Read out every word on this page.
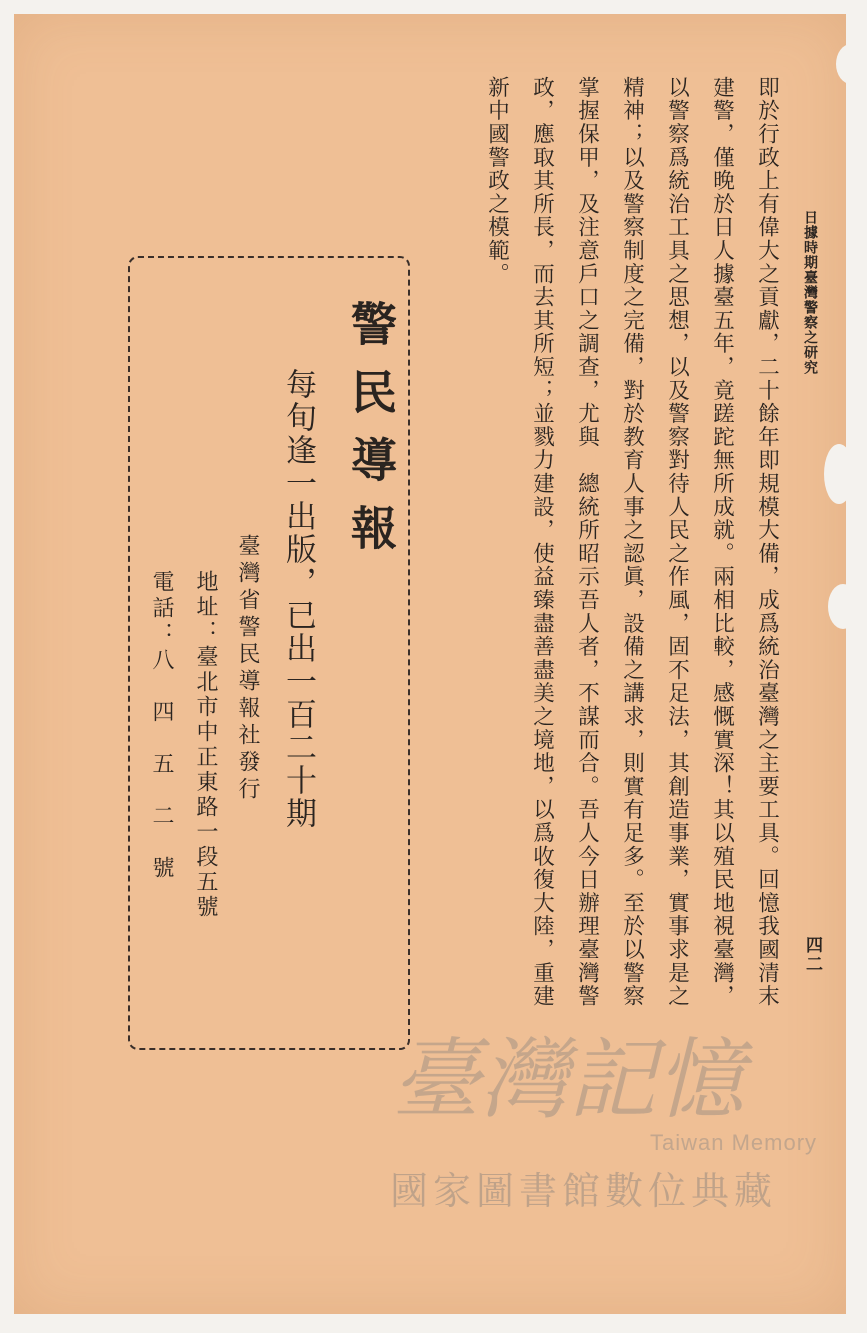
日據時期臺灣警察之研究
四二
即於行政上有偉大之貢獻，二十餘年即規模大備，成爲統治臺灣之主要工具。回憶我國清末
建警，僅晚於日人據臺五年，竟蹉跎無所成就。兩相比較，感慨實深！其以殖民地視臺灣，
以警察爲統治工具之思想，以及警察對待人民之作風，固不足法，其創造事業，實事求是之
精神；以及警察制度之完備，對於教育人事之認眞，設備之講求，則實有足多。至於以警察
掌握保甲，及注意戶口之調查，尤與　總統所昭示吾人者，不謀而合。吾人今日辦理臺灣警
政，應取其所長，而去其所短；並戮力建設，使益臻盡善盡美之境地，以爲收復大陸，重建
新中國警政之模範。
警民導報
每旬逢一出版，已出一百二十期
臺灣省警民導報社發行
地址：臺北市中正東路一段五號
電話：八　四　五　二　號
臺灣記憶
Taiwan Memory
國家圖書館數位典藏
